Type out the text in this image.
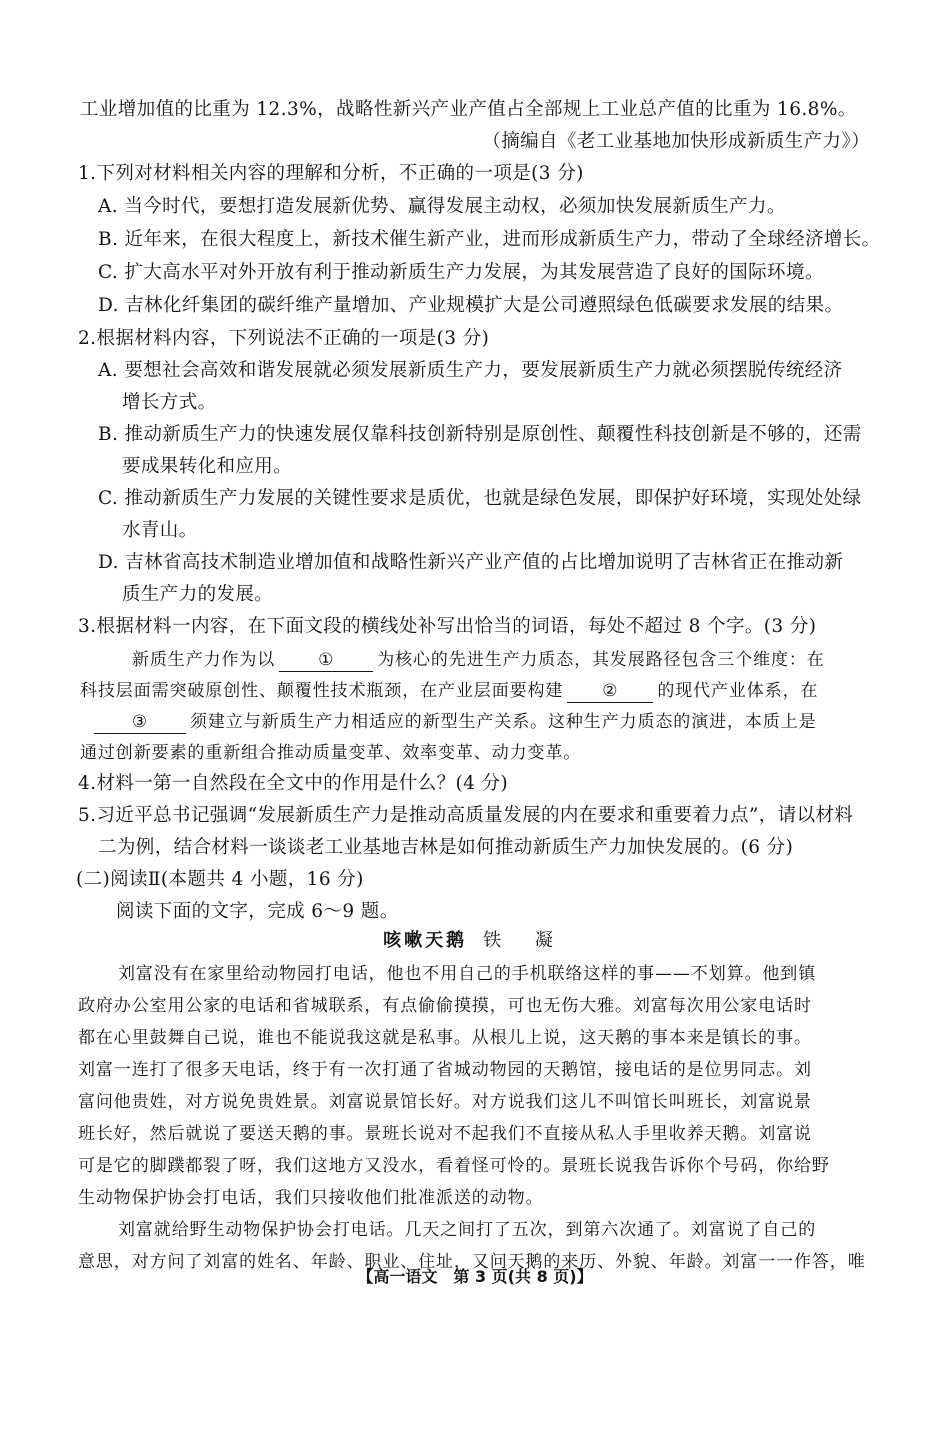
工业增加值的比重为 12.3%，战略性新兴产业产值占全部规上工业总产值的比重为 16.8%。
（摘编自《老工业基地加快形成新质生产力》）
1.下列对材料相关内容的理解和分析，不正确的一项是(3 分)
A. 当今时代，要想打造发展新优势、赢得发展主动权，必须加快发展新质生产力。
B. 近年来，在很大程度上，新技术催生新产业，进而形成新质生产力，带动了全球经济增长。
C. 扩大高水平对外开放有利于推动新质生产力发展，为其发展营造了良好的国际环境。
D. 吉林化纤集团的碳纤维产量增加、产业规模扩大是公司遵照绿色低碳要求发展的结果。
2.根据材料内容，下列说法不正确的一项是(3 分)
A. 要想社会高效和谐发展就必须发展新质生产力，要发展新质生产力就必须摆脱传统经济
增长方式。
B. 推动新质生产力的快速发展仅靠科技创新特别是原创性、颠覆性科技创新是不够的，还需
要成果转化和应用。
C. 推动新质生产力发展的关键性要求是质优，也就是绿色发展，即保护好环境，实现处处绿
水青山。
D. 吉林省高技术制造业增加值和战略性新兴产业产值的占比增加说明了吉林省正在推动新
质生产力的发展。
3.根据材料一内容，在下面文段的横线处补写出恰当的词语，每处不超过 8 个字。(3 分)
新质生产力作为以	①	为核心的先进生产力质态，其发展路径包含三个维度：在
科技层面需突破原创性、颠覆性技术瓶颈，在产业层面要构建 ② 的现代产业体系，在
③ 须建立与新质生产力相适应的新型生产关系。这种生产力质态的演进，本质上是
通过创新要素的重新组合推动质量变革、效率变革、动力变革。
4.材料一第一自然段在全文中的作用是什么？(4 分)
5.习近平总书记强调“发展新质生产力是推动高质量发展的内在要求和重要着力点”，请以材料
二为例，结合材料一谈谈老工业基地吉林是如何推动新质生产力加快发展的。(6 分)
(二)阅读Ⅱ(本题共 4 小题，16 分)
阅读下面的文字，完成 6～9 题。
咳嗽天鹅 铁 凝
刘富没有在家里给动物园打电话，他也不用自己的手机联络这样的事——不划算。他到镇
政府办公室用公家的电话和省城联系，有点偷偷摸摸，可也无伤大雅。刘富每次用公家电话时
都在心里鼓舞自己说，谁也不能说我这就是私事。从根儿上说，这天鹅的事本来是镇长的事。
刘富一连打了很多天电话，终于有一次打通了省城动物园的天鹅馆，接电话的是位男同志。刘
富问他贵姓，对方说免贵姓景。刘富说景馆长好。对方说我们这儿不叫馆长叫班长，刘富说景
班长好，然后就说了要送天鹅的事。景班长说对不起我们不直接从私人手里收养天鹅。刘富说
可是它的脚蹼都裂了呀，我们这地方又没水，看着怪可怜的。景班长说我告诉你个号码，你给野
生动物保护协会打电话，我们只接收他们批准派送的动物。
刘富就给野生动物保护协会打电话。几天之间打了五次，到第六次通了。刘富说了自己的
意思，对方问了刘富的姓名、年龄、职业、住址，又问天鹅的来历、外貌、年龄。刘富一一作答，唯
【高一语文　第 3 页(共 8 页)】
